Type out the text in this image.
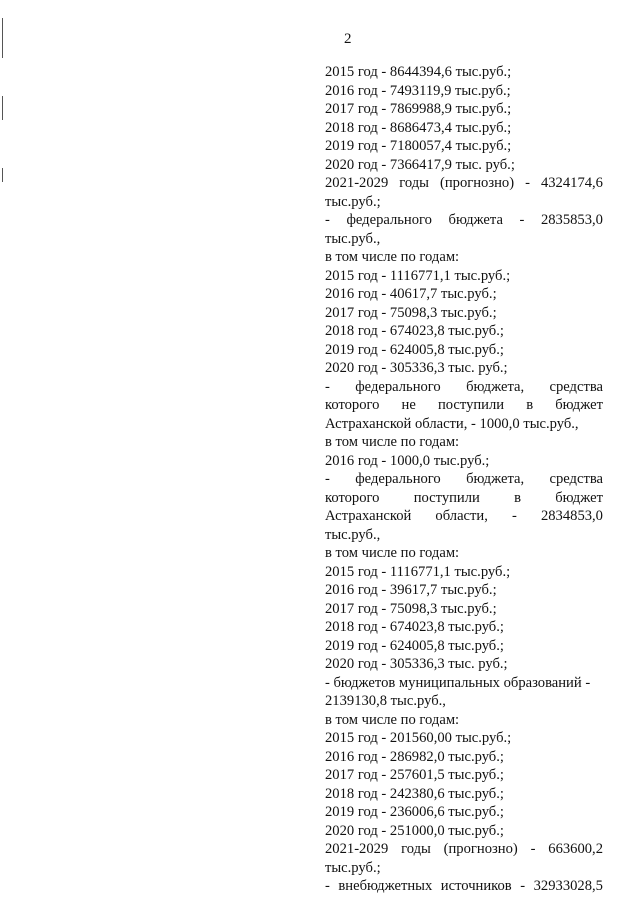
2
2015 год - 8644394,6 тыс.руб.;
2016 год - 7493119,9 тыс.руб.;
2017 год - 7869988,9 тыс.руб.;
2018 год - 8686473,4 тыс.руб.;
2019 год - 7180057,4 тыс.руб.;
2020 год - 7366417,9 тыс. руб.;
2021-2029 годы (прогнозно) - 4324174,6
тыс.руб.;
- федерального бюджета - 2835853,0
тыс.руб.,
в том числе по годам:
2015 год - 1116771,1 тыс.руб.;
2016 год - 40617,7 тыс.руб.;
2017 год - 75098,3 тыс.руб.;
2018 год - 674023,8 тыс.руб.;
2019 год - 624005,8 тыс.руб.;
2020 год - 305336,3 тыс. руб.;
- федерального бюджета, средства
которого не поступили в бюджет
Астраханской области, - 1000,0 тыс.руб.,
в том числе по годам:
2016 год - 1000,0 тыс.руб.;
- федерального бюджета, средства
которого поступили в бюджет
Астраханской области, - 2834853,0
тыс.руб.,
в том числе по годам:
2015 год - 1116771,1 тыс.руб.;
2016 год - 39617,7 тыс.руб.;
2017 год - 75098,3 тыс.руб.;
2018 год - 674023,8 тыс.руб.;
2019 год - 624005,8 тыс.руб.;
2020 год - 305336,3 тыс. руб.;
- бюджетов муниципальных образований -
2139130,8 тыс.руб.,
в том числе по годам:
2015 год - 201560,00 тыс.руб.;
2016 год - 286982,0 тыс.руб.;
2017 год - 257601,5 тыс.руб.;
2018 год - 242380,6 тыс.руб.;
2019 год - 236006,6 тыс.руб.;
2020 год - 251000,0 тыс.руб.;
2021-2029 годы (прогнозно) - 663600,2
тыс.руб.;
- внебюджетных источников - 32933028,5
